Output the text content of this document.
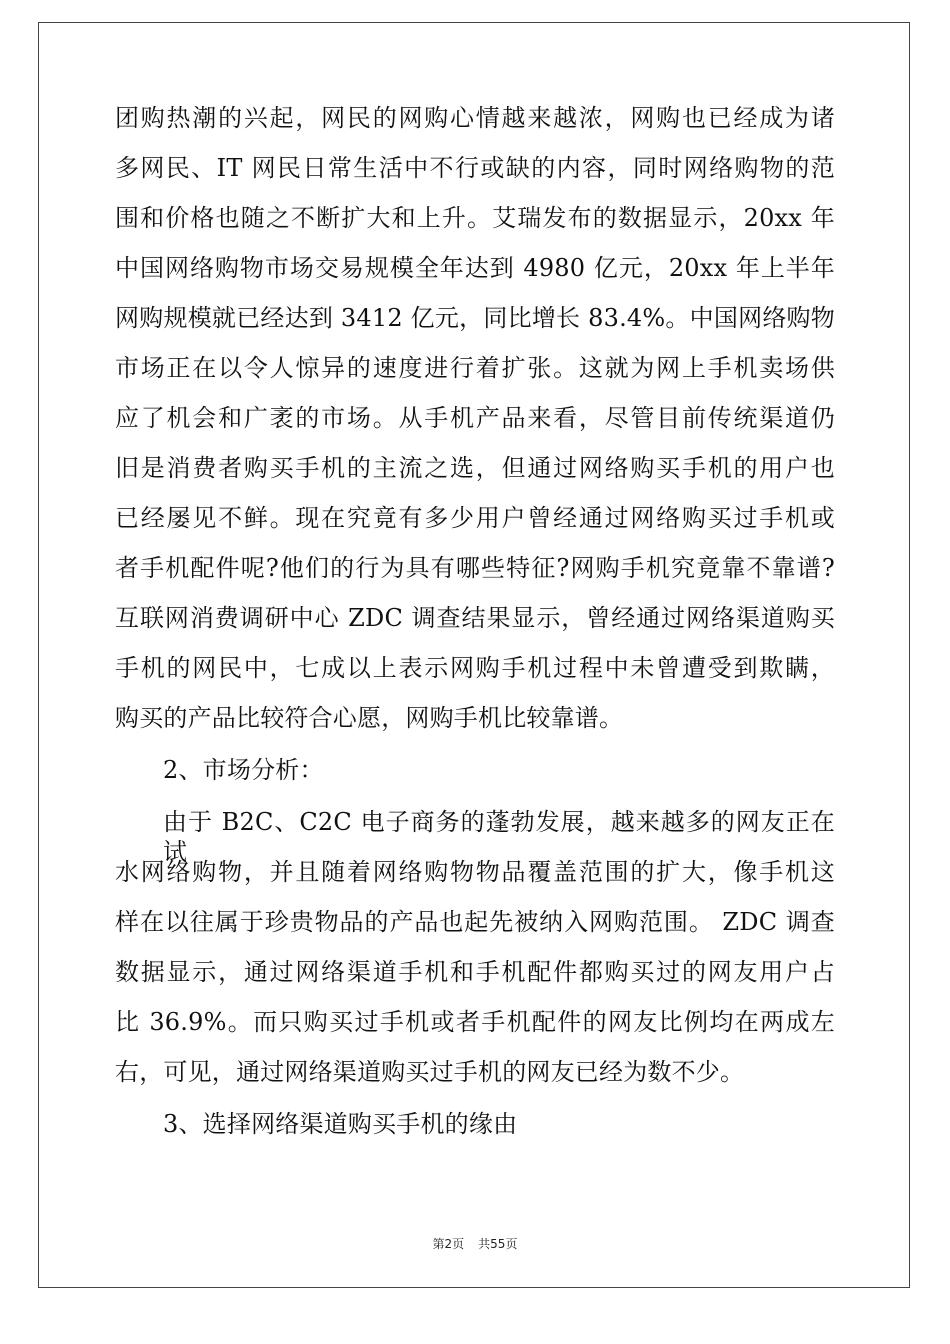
团购热潮的兴起，网民的网购心情越来越浓，网购也已经成为诸
多网民、IT 网民日常生活中不行或缺的内容，同时网络购物的范
围和价格也随之不断扩大和上升。艾瑞发布的数据显示，20xx 年
中国网络购物市场交易规模全年达到 4980 亿元，20xx 年上半年
网购规模就已经达到 3412 亿元，同比增长 83.4%。中国网络购物
市场正在以令人惊异的速度进行着扩张。这就为网上手机卖场供
应了机会和广袤的市场。从手机产品来看，尽管目前传统渠道仍
旧是消费者购买手机的主流之选，但通过网络购买手机的用户也
已经屡见不鲜。现在究竟有多少用户曾经通过网络购买过手机或
者手机配件呢?他们的行为具有哪些特征?网购手机究竟靠不靠谱?
互联网消费调研中心 ZDC 调查结果显示，曾经通过网络渠道购买
手机的网民中，七成以上表示网购手机过程中未曾遭受到欺瞒，
购买的产品比较符合心愿，网购手机比较靠谱。
2、市场分析：
由于 B2C、C2C 电子商务的蓬勃发展，越来越多的网友正在试
水网络购物，并且随着网络购物物品覆盖范围的扩大，像手机这
样在以往属于珍贵物品的产品也起先被纳入网购范围。 ZDC 调查
数据显示，通过网络渠道手机和手机配件都购买过的网友用户占
比 36.9%。而只购买过手机或者手机配件的网友比例均在两成左
右，可见，通过网络渠道购买过手机的网友已经为数不少。
3、选择网络渠道购买手机的缘由
第2页 共55页
